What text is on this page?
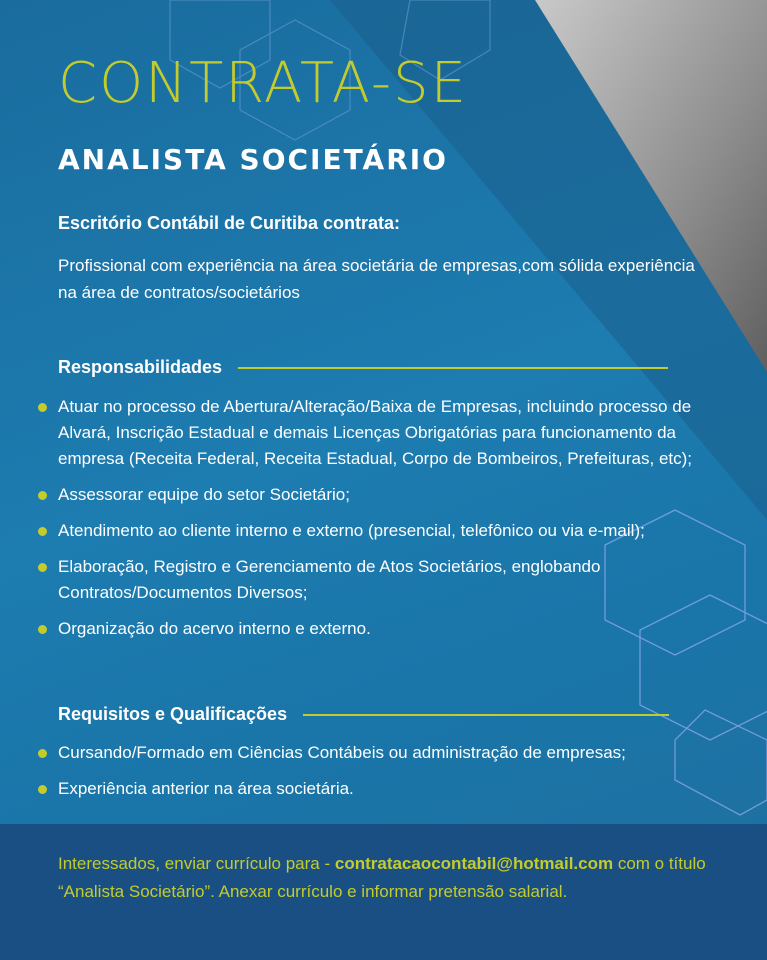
CONTRATA-SE
ANALISTA SOCIETÁRIO
Escritório Contábil de Curitiba contrata:

Profissional com experiência na área societária de empresas,com sólida experiência na área de contratos/societários

Responsabilidades
Atuar no processo de Abertura/Alteração/Baixa de Empresas, incluindo processo de Alvará, Inscrição Estadual e demais Licenças Obrigatórias para funcionamento da empresa (Receita Federal, Receita Estadual, Corpo de Bombeiros, Prefeituras, etc);
Assessorar equipe do setor Societário;
Atendimento ao cliente interno e externo (presencial, telefônico ou via e-mail);
Elaboração, Registro e Gerenciamento de Atos Societários, englobando Contratos/Documentos Diversos;
Organização do acervo interno e externo.
Requisitos e Qualificações
Cursando/Formado em Ciências Contábeis ou administração de empresas;
Experiência anterior na área societária.

Interessados, enviar currículo para - contratacaocontabil@hotmail.com com o título “Analista Societário”. Anexar currículo e informar pretensão salarial.
